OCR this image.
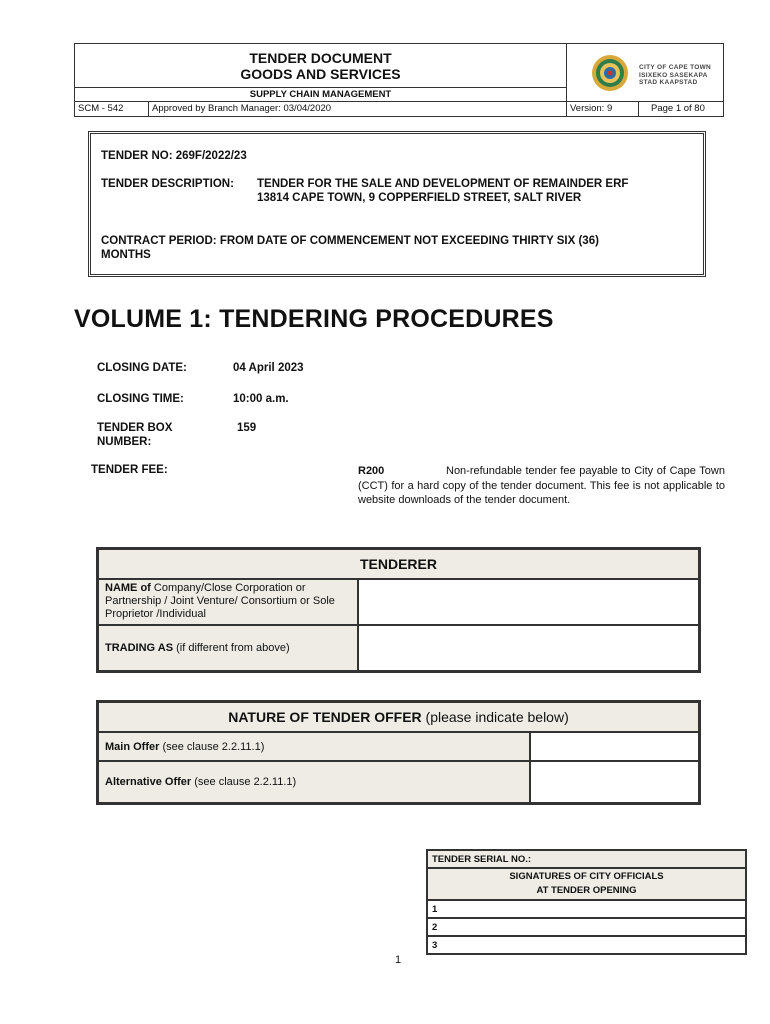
TENDER DOCUMENT
GOODS AND SERVICES
SUPPLY CHAIN MANAGEMENT
CITY OF CAPE TOWN
ISIXEKO SASEKAPA
STAD KAAPSTAD
SCM - 542	Approved by Branch Manager: 03/04/2020	Version: 9	Page 1 of 80
TENDER NO: 269F/2022/23
TENDER DESCRIPTION: TENDER FOR THE SALE AND DEVELOPMENT OF REMAINDER ERF
13814 CAPE TOWN, 9 COPPERFIELD STREET, SALT RIVER
CONTRACT PERIOD: FROM DATE OF COMMENCEMENT NOT EXCEEDING THIRTY SIX (36)
MONTHS
VOLUME 1: TENDERING PROCEDURES
CLOSING DATE:	04 April 2023
CLOSING TIME:	10:00 a.m.
TENDER BOX
NUMBER:
159
TENDER FEE:	R200	Non-refundable tender fee payable to City of Cape Town (CCT) for a hard copy of the tender document. This fee is not applicable to website downloads of the tender document.
TENDERER	
NAME of Company/Close Corporation or Partnership / Joint Venture/ Consortium or Sole Proprietor /Individual	
TRADING AS (if different from above)	
NATURE OF TENDER OFFER (please indicate below)	
Main Offer (see clause 2.2.11.1)	
Alternative Offer (see clause 2.2.11.1)	
TENDER SERIAL NO.:

SIGNATURES OF CITY OFFICIALS
AT TENDER OPENING

1
2
3
1
